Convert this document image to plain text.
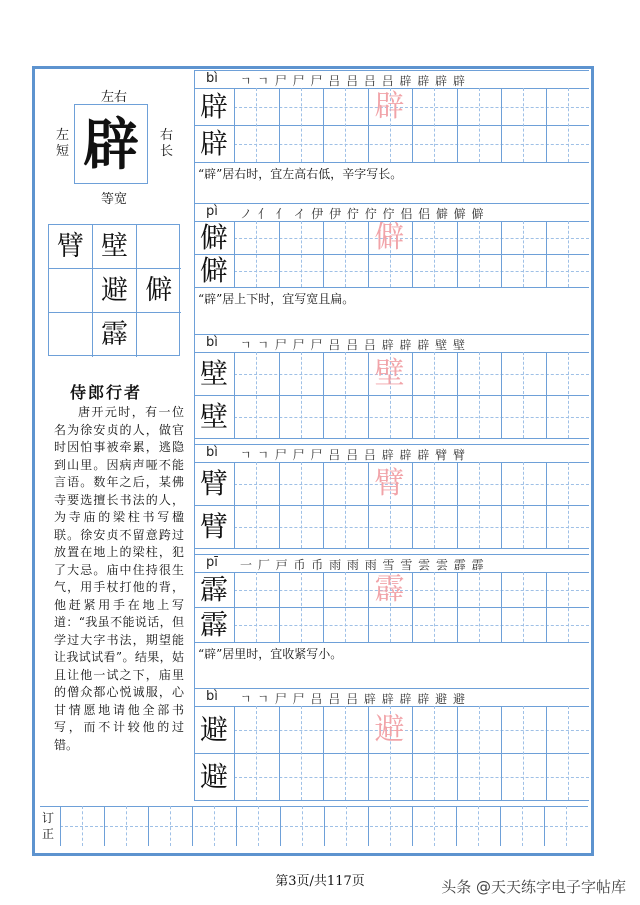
左右
左短
右长
辟
等宽
臂 壁
避 僻
霹
侍郎行者
唐开元时，有一位名为徐安贞的人，做官时因怕事被牵累，逃隐到山里。因病声哑不能言语。数年之后，某佛寺要选擅长书法的人，为寺庙的梁柱书写楹联。徐安贞不留意跨过放置在地上的梁柱，犯了大忌。庙中住持很生气，用手杖打他的背，他赶紧用手在地上写道：“我虽不能说话，但学过大字书法，期望能让我试试看”。结果，姑且让他一试之下，庙里的僧众都心悦诚服，心甘情愿地请他全部书写，而不计较他的过错。
bì ㄱ ㄱ 尸 尸 尸 吕 吕 吕 吕 辟 辟 辟 辟
辟
辟
辟
“辟”居右时，宜左高右低，辛字写长。
pì ノ 亻 亻 イ 伊 伊 佇 佇 佇 侣 侣 僻 僻 僻
僻
僻
僻
“辟”居上下时，宜写宽且扁。
bì ㄱ ㄱ 尸 尸 尸 吕 吕 吕 辟 辟 辟 壁 壁
壁
壁
壁
bì ㄱ ㄱ 尸 尸 尸 吕 吕 吕 辟 辟 辟 臂 臂
臂
臂
臂
pī 一 厂 戸 币 币 雨 雨 雨 雪 雪 雲 雲 霹 霹
霹
霹
霹
“辟”居里时，宜收紧写小。
bì ㄱ ㄱ 尸 尸 吕 吕 吕 辟 辟 辟 辟 避 避
避
避
避
订正
第3页/共117页	头条 @天天练字电子字帖库
